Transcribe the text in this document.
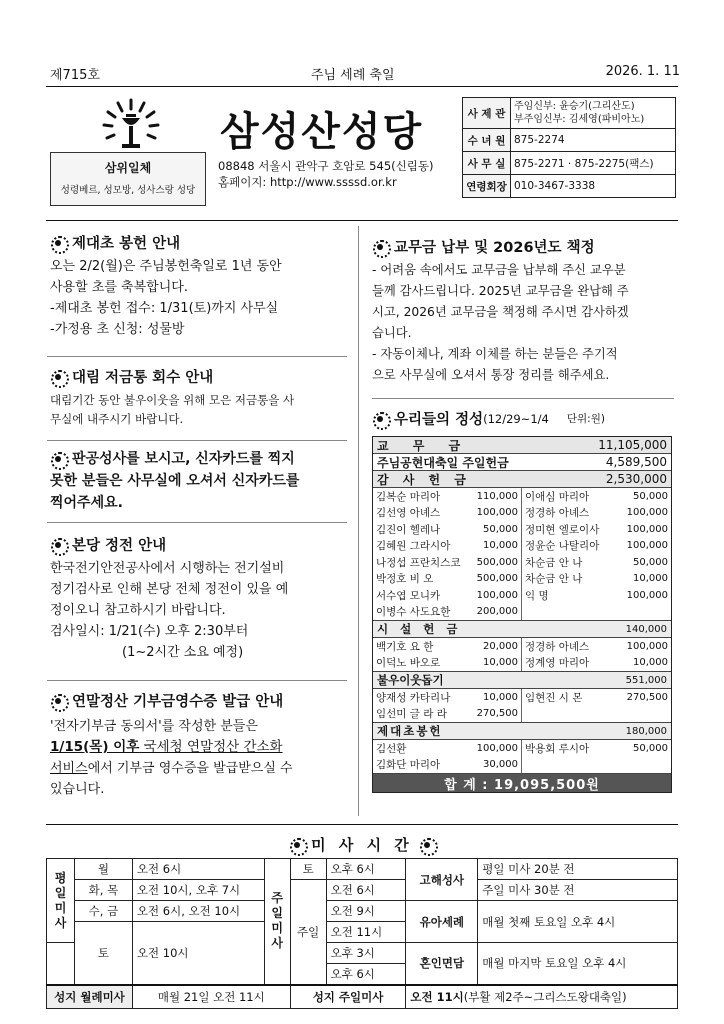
제715호	주님 세례 축일	2026. 1. 11
삼성산성당
08848 서울시 관악구 호암로 545(신림동)
홈페이지: http://www.ssssd.or.kr
삼위일체
성령베르, 성모방, 성사스랑 성당
사 제 관	주임신부: 윤승기(그리산도)
부주임신부: 김세영(파비아노)

수 녀 원	875-2274
사 무 실	875-2271 · 875-2275(팩스)
연령회장	010-3467-3338
제대초 봉헌 안내

오는 2/2(월)은 주님봉헌축일로 1년 동안

사용할 초를 축복합니다.

-제대초 봉헌 접수: 1/31(토)까지 사무실

-가정용 초 신청: 성물방

대림 저금통 회수 안내

대림기간 동안 불우이웃을 위해 모은 저금통을 사

무실에 내주시기 바랍니다.

판공성사를 보시고, 신자카드를 찍지

못한 분들은 사무실에 오셔서 신자카드를

찍어주세요.

본당 정전 안내

한국전기안전공사에서 시행하는 전기설비

정기검사로 인해 본당 전체 정전이 있을 예

정이오니 참고하시기 바랍니다.

검사일시: 1/21(수) 오후 2:30부터

(1~2시간 소요 예정)

연말정산 기부금영수증 발급 안내

'전자기부금 동의서'를 작성한 분들은

1/15(목) 이후 국세청 연말정산 간소화

서비스에서 기부금 영수증을 발급받으실 수

있습니다.

교무금 납부 및 2026년도 책정

- 어려움 속에서도 교무금을 납부해 주신 교우분

들께 감사드립니다. 2025년 교무금을 완납해 주

시고, 2026년 교무금을 책정해 주시면 감사하겠

습니다.

- 자동이체나, 계좌 이체를 하는 분들은 주기적

으로 사무실에 오셔서 통장 정리를 해주세요.

우리들의 정성 (12/29~1/4 단위:원)
교 무 금	11,105,000
주님공현대축일 주일헌금	4,589,500
감 사 헌 금	2,530,000
김복순 마리아	110,000 이애심 마리아	50,000
김선영 아녜스	100,000 정경하 아녜스	100,000
김진이 헬레나	50,000 정미현 엘로이사	100,000
김혜원 그라시아	10,000 정윤순 나탈리아	100,000
나정섭 프란치스코 500,000 차순금 안 나	50,000
박정호 비 오	500,000 차순금 안 나	10,000
서수엽 모니카	100,000 익 명	100,000
이병수 사도요한	200,000
시 설 헌 금	140,000
백기호 요 한	20,000 정경하 아녜스	100,000
이덕노 바오로	10,000 정계영 마리아	10,000
불우이웃돕기	551,000
양재성 카타리나	10,000 임현진 시 몬	270,500
임선미 글 라 라	270,500
제대초봉헌	180,000
김선환	100,000 박용회 루시아	50,000
김화단 마리아	30,000
합 계 : 19,095,500원
미 사 시 간
평일미사	월	오전 6시	주일미사	토	오후 6시	고해성사	평일 미사 20분 전
	화, 목	오전 10시, 오후 7시		주일	오전 6시		주일 미사 30분 전
	수, 금	오전 6시, 오전 10시			오전 9시	유아세례	매월 첫째 토요일 오후 4시
	토	오전 10시			오전 11시		
					오후 3시	혼인면담	매월 마지막 토요일 오후 4시
					오후 6시		
성지 월례미사		매월 21일 오전 11시		성지 주일미사		오전 11시(부활 제2주~그리스도왕대축일)	
